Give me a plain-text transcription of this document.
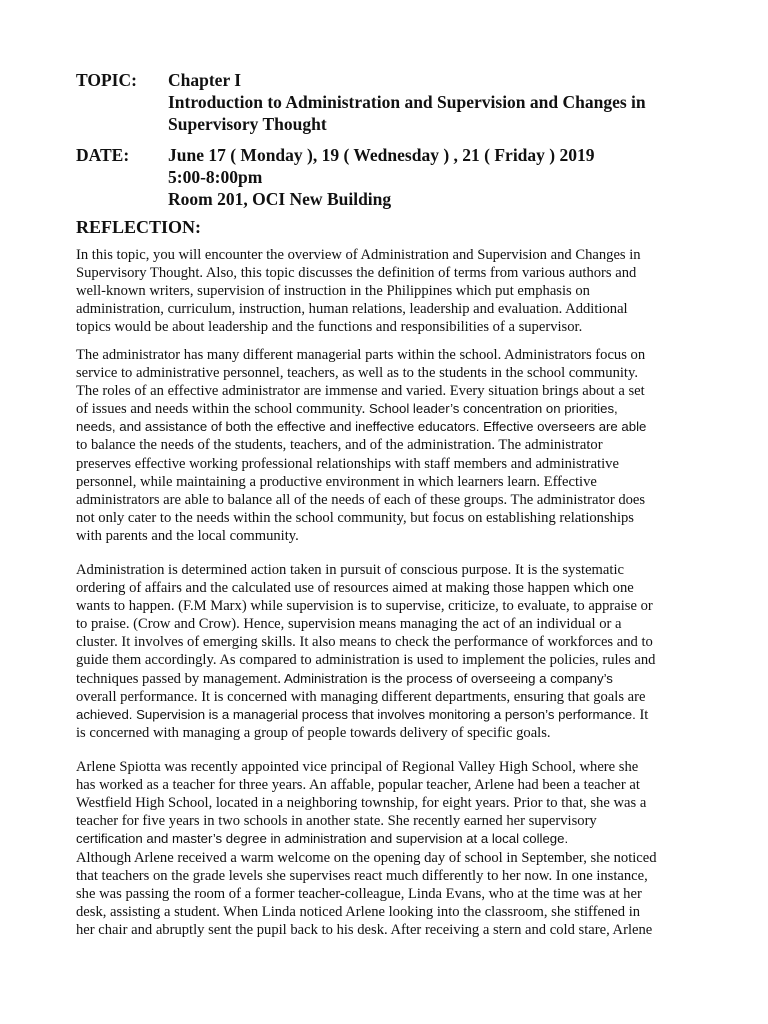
TOPIC:	Chapter I
Introduction to Administration and Supervision and Changes in
Supervisory Thought
DATE:	June 17 ( Monday ), 19 ( Wednesday ) , 21 ( Friday ) 2019
5:00-8:00pm
Room 201, OCI New Building
REFLECTION:

In this topic, you will encounter the overview of Administration and Supervision and Changes in
Supervisory Thought. Also, this topic discusses the definition of terms from various authors and
well-known writers, supervision of instruction in the Philippines which put emphasis on
administration, curriculum, instruction, human relations, leadership and evaluation. Additional
topics would be about leadership and the functions and responsibilities of a supervisor.

The administrator has many different managerial parts within the school. Administrators focus on
service to administrative personnel, teachers, as well as to the students in the school community.
The roles of an effective administrator are immense and varied. Every situation brings about a set
of issues and needs within the school community. School leader’s concentration on priorities,
needs, and assistance of both the effective and ineffective educators. Effective overseers are able
to balance the needs of the students, teachers, and of the administration. The administrator
preserves effective working professional relationships with staff members and administrative
personnel, while maintaining a productive environment in which learners learn. Effective
administrators are able to balance all of the needs of each of these groups. The administrator does
not only cater to the needs within the school community, but focus on establishing relationships
with parents and the local community.

Administration is determined action taken in pursuit of conscious purpose. It is the systematic
ordering of affairs and the calculated use of resources aimed at making those happen which one
wants to happen. (F.M Marx) while supervision is to supervise, criticize, to evaluate, to appraise or
to praise. (Crow and Crow). Hence, supervision means managing the act of an individual or a
cluster. It involves of emerging skills. It also means to check the performance of workforces and to
guide them accordingly. As compared to administration is used to implement the policies, rules and
techniques passed by management. Administration is the process of overseeing a company’s
overall performance. It is concerned with managing different departments, ensuring that goals are
achieved. Supervision is a managerial process that involves monitoring a person’s performance. It
is concerned with managing a group of people towards delivery of specific goals.

Arlene Spiotta was recently appointed vice principal of Regional Valley High School, where she
has worked as a teacher for three years. An affable, popular teacher, Arlene had been a teacher at
Westfield High School, located in a neighboring township, for eight years. Prior to that, she was a
teacher for five years in two schools in another state. She recently earned her supervisory
certification and master’s degree in administration and supervision at a local college.

Although Arlene received a warm welcome on the opening day of school in September, she noticed
that teachers on the grade levels she supervises react much differently to her now. In one instance,
she was passing the room of a former teacher-colleague, Linda Evans, who at the time was at her
desk, assisting a student. When Linda noticed Arlene looking into the classroom, she stiffened in
her chair and abruptly sent the pupil back to his desk. After receiving a stern and cold stare, Arlene
